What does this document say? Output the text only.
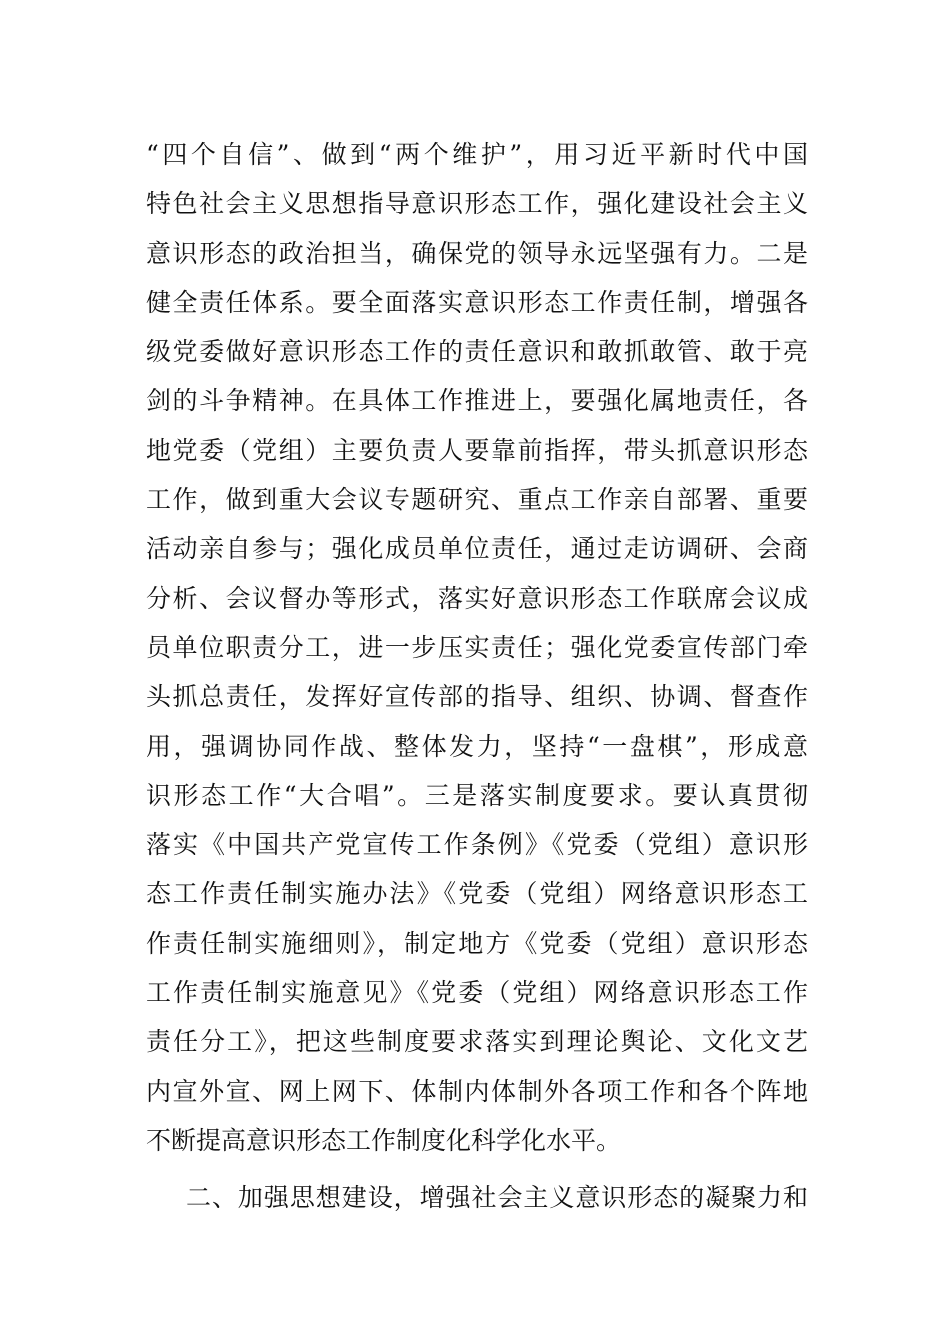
“四个自信”、做到“两个维护”，用习近平新时代中国
特色社会主义思想指导意识形态工作，强化建设社会主义
意识形态的政治担当，确保党的领导永远坚强有力。二是
健全责任体系。要全面落实意识形态工作责任制，增强各
级党委做好意识形态工作的责任意识和敢抓敢管、敢于亮
剑的斗争精神。在具体工作推进上，要强化属地责任，各
地党委（党组）主要负责人要靠前指挥，带头抓意识形态
工作，做到重大会议专题研究、重点工作亲自部署、重要
活动亲自参与；强化成员单位责任，通过走访调研、会商
分析、会议督办等形式，落实好意识形态工作联席会议成
员单位职责分工，进一步压实责任；强化党委宣传部门牵
头抓总责任，发挥好宣传部的指导、组织、协调、督查作
用，强调协同作战、整体发力，坚持“一盘棋”，形成意
识形态工作“大合唱”。三是落实制度要求。要认真贯彻
落实《中国共产党宣传工作条例》《党委（党组）意识形
态工作责任制实施办法》《党委（党组）网络意识形态工
作责任制实施细则》，制定地方《党委（党组）意识形态
工作责任制实施意见》《党委（党组）网络意识形态工作
责任分工》，把这些制度要求落实到理论舆论、文化文艺
内宣外宣、网上网下、体制内体制外各项工作和各个阵地
不断提高意识形态工作制度化科学化水平。
二、加强思想建设，增强社会主义意识形态的凝聚力和
